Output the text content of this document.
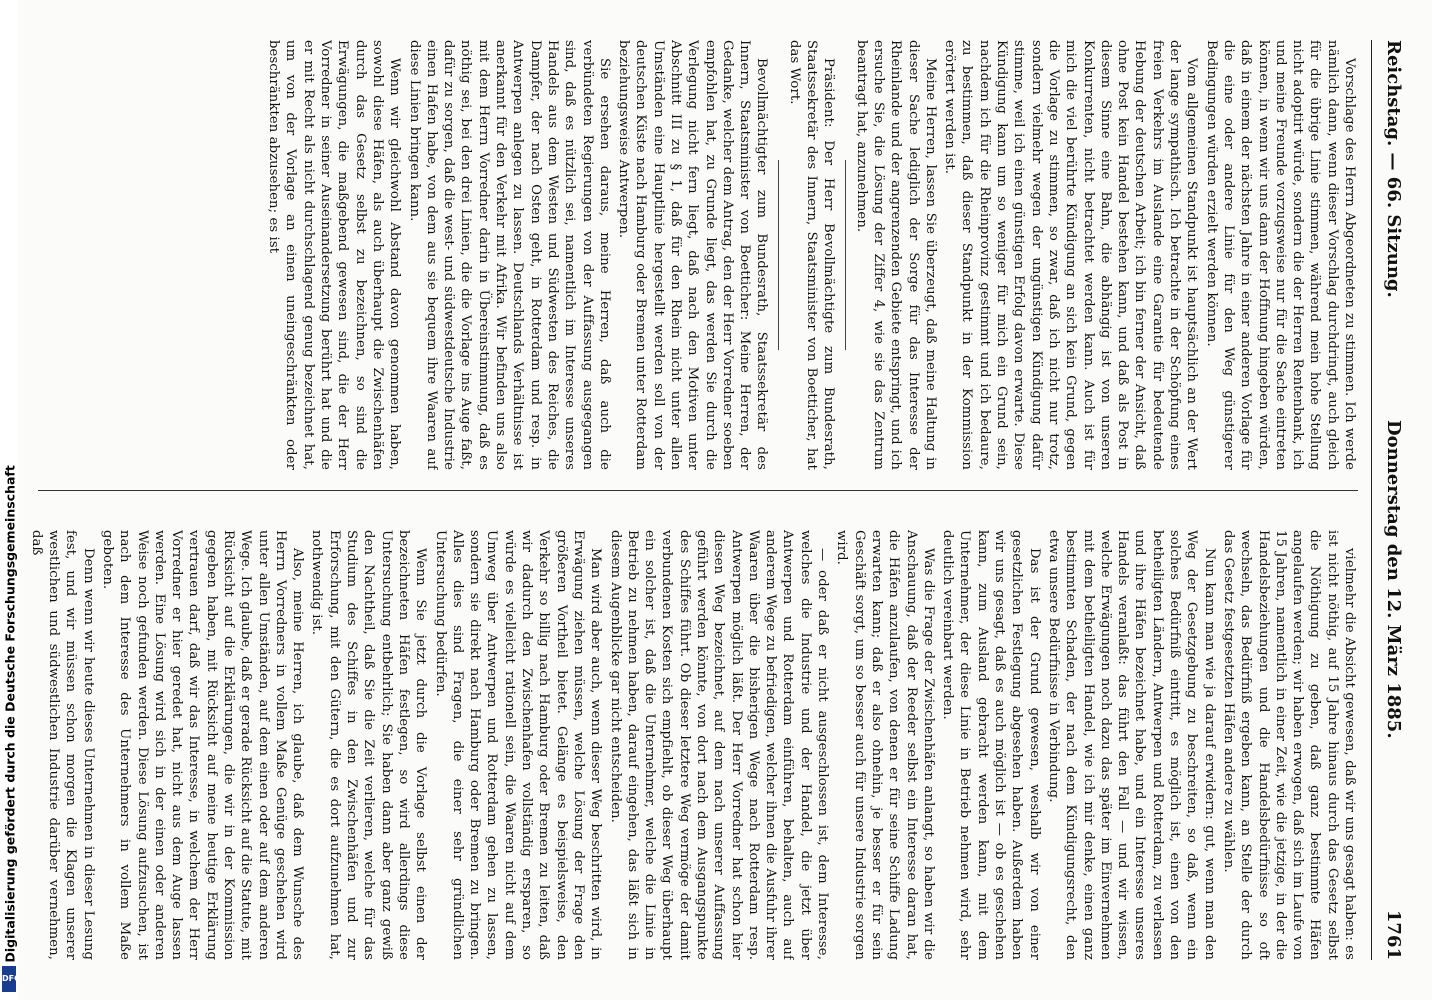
Reichstag. — 66. Sitzung.
Donnerstag den 12. März 1885.
1761

Vorschlage des Herrn Abgeordneten zu stimmen. Ich werde nämlich dann, wenn dieser Vorschlag durchdringt, auch gleich für die übrige Linie stimmen, während mein hohe Stellung nicht adoptirt würde, sondern die der Herren Rentenbank, ich und meine Freunde vorzugsweise nur für die Sache eintreten können, in wenn wir uns dann der Hoffnung hingeben würden, daß in einem der nächsten Jahre in einer anderen Vorlage für die eine oder andere Linie für den Weg günstigerer Bedingungen würden erzielt werden können.

Vom allgemeinen Standpunkt ist hauptsächlich an der Wert der lange sympathisch. Ich betrachte in der Schöpfung eines freien Verkehrs im Auslande eine Garantie für bedeutende Hebung der deutschen Arbeit; ich bin ferner der Ansicht, daß ohne Post kein Handel bestehen kann, und daß als Post in diesem Sinne eine Bahn, die abhängig ist von unseren Konkurrenten, nicht betrachtet werden kann. Auch ist für mich die viel berührte Kündigung an sich kein Grund, gegen die Vorlage zu stimmen, so zwar, daß ich nicht nur trotz, sondern vielmehr wegen der ungünstigen Kündigung dafür stimme, weil ich einen günstigen Erfolg davon erwarte. Diese Kündigung kann um so weniger für mich ein Grund sein, nachdem ich für die Rheinprovinz gestimmt und ich bedaure, zu bestimmen, daß dieser Standpunkt in der Kommission erörtert werden ist.

Meine Herren, lassen Sie überzeugt, daß meine Haltung in dieser Sache lediglich der Sorge für das Interesse der Rheinlande und der angrenzenden Gebiete entspringt, und ich ersuche Sie, die Lösung der Ziffer 4, wie sie das Zentrum beantragt hat, anzunehmen.

Präsident: Der Herr Bevollmächtigte zum Bundesrath, Staatssekretär des Innern, Staatsminister von Boetticher, hat das Wort.

Bevollmächtigter zum Bundesrath, Staatssekretär des Innern, Staatsminister von Boetticher: Meine Herren, der Gedanke, welcher dem Antrag, den der Herr Vorredner soeben empfohlen hat, zu Grunde liegt, das werden Sie durch die Verlegung nicht fern liegt, daß nach den Motiven unter Abschnitt III zu § 1, daß für den Rhein nicht unter allen Umständen eine Hauptlinie hergestellt werden soll von der deutschen Küste nach Hamburg oder Bremen unter Rotterdam beziehungsweise Antwerpen.

Sie ersehen daraus, meine Herren, daß auch die verbündeten Regierungen von der Auffassung ausgegangen sind, daß es nützlich sei, namentlich im Interesse unseres Handels aus dem Westen und Südwesten des Reiches, die Dampfer, der nach Osten geht, in Rotterdam und resp. in Antwerpen anlegen zu lassen. Deutschlands Verhältnisse ist anerkannt für den Verkehr mit Afrika. Wir befinden uns also mit dem Herrn Vorredner darin in Übereinstimmung, daß es nöthig sei, bei den drei Linien, die die Vorlage ins Auge faßt, dafür zu sorgen, daß die west- und südwestdeutsche Industrie einen Hafen habe, von dem aus sie bequem ihre Waaren auf diese Linien bringen kann.

Wenn wir gleichwohl Abstand davon genommen haben, sowohl diese Häfen, als auch überhaupt die Zwischenhäfen durch das Gesetz selbst zu bezeichnen, so sind die Erwägungen, die maßgebend gewesen sind, die der Herr Vorredner in seiner Auseinandersetzung berührt hat und die er mit Recht als nicht durchschlagend genug bezeichnet hat, um von der Vorlage an einen uneingeschränkten oder beschränkten abzusehen; es ist

vielmehr die Absicht gewesen, daß wir uns gesagt haben: es ist nicht nöthig, auf 15 Jahre hinaus durch das Gesetz selbst die Nöthigung zu geben, daß ganz bestimmte Häfen angelaufen werden; wir haben erwogen, daß sich im Laufe von 15 Jahren, namentlich in einer Zeit, wie die jetzige, in der die Handelsbeziehungen und die Handelsbedürfnisse so oft wechseln, das Bedürfniß ergeben kann, an Stelle der durch das Gesetz festgesetzten Häfen andere zu wählen.

Nun kann man wie ja darauf erwidern: gut, wenn man den Weg der Gesetzgebung zu beschreiten, so daß, wenn ein solches Bedürfniß eintritt, es möglich ist, einen von den betheiligten Ländern, Antwerpen und Rotterdam, zu verlassen und ihre Häfen bezeichnet habe, und ein Interesse unseres Handels veranlaßt: das führt den Fall — und wir wissen, welche Erwägungen noch dazu das später im Einvernehmen mit dem betheiligten Handel, wie ich mir denke, einen ganz bestimmten Schaden, der nach dem Kündigungsrecht, den etwa unsere Bedürfnisse in Verbindung.

Das ist der Grund gewesen, weshalb wir von einer gesetzlichen Festlegung abgesehen haben. Außerdem haben wir uns gesagt, daß es auch möglich ist — ob es geschehen kann, zum Ausland gebracht werden kann, mit dem Unternehmer, der diese Linie in Betrieb nehmen wird, sehr deutlich vereinbart werden.

Was die Frage der Zwischenhäfen anlangt, so haben wir die Anschauung, daß der Reeder selbst ein Interesse daran hat, die Häfen anzulaufen, von denen er für seine Schiffe Ladung erwarten kann; daß er also ohnehin, je besser er für sein Geschäft sorgt, um so besser auch für unsere Industrie sorgen wird.

— oder daß er nicht ausgeschlossen ist, dem Interesse, welches die Industrie und der Handel, die jetzt über Antwerpen und Rotterdam einführen, behalten, auch auf anderem Wege zu befriedigen, welcher ihnen die Ausfuhr ihrer Waaren über die bisherigen Wege nach Rotterdam resp. Antwerpen möglich läßt. Der Herr Vorredner hat schon hier diesen Weg bezeichnet, auf dem nach unserer Auffassung geführt werden könnte, von dort nach dem Ausgangspunkte des Schiffes führt. Ob dieser letztere Weg vermöge der damit verbundenen Kosten sich empfiehlt, ob dieser Weg überhaupt ein solcher ist, daß die Unternehmer, welche die Linie in Betrieb zu nehmen haben, darauf eingehen, das läßt sich in diesem Augenblicke gar nicht entscheiden.

Man wird aber auch, wenn dieser Weg beschritten wird, in Erwägung ziehen müssen, welche Lösung der Frage den größeren Vortheil bietet. Gelänge es beispielsweise, den Verkehr so billig nach Hamburg oder Bremen zu leiten, daß wir dadurch den Zwischenhafen vollständig ersparen, so würde es vielleicht rationell sein, die Waaren nicht auf dem Umweg über Antwerpen und Rotterdam gehen zu lassen, sondern sie direkt nach Hamburg oder Bremen zu bringen. Alles dies sind Fragen, die einer sehr gründlichen Untersuchung bedürfen.

Wenn Sie jetzt durch die Vorlage selbst einen der bezeichneten Häfen festlegen, so wird allerdings diese Untersuchung entbehrlich; Sie haben dann aber ganz gewiß den Nachtheil, daß Sie die Zeit verlieren, welche für das Studium des Schiffes in den Zwischenhäfen und zur Erforschung, mit den Gütern, die es dort aufzunehmen hat, nothwendig ist.

Also, meine Herren, ich glaube, daß dem Wunsche des Herrn Vorredners in vollem Maße Genüge geschehen wird unter allen Umständen, auf dem einen oder auf dem anderen Wege. Ich glaube, daß er gerade Rücksicht auf die Statute, mit Rücksicht auf die Erklärungen, die wir in der Kommission gegeben haben, mit Rücksicht auf meine heutige Erklärung vertrauen darf, daß wir das Interesse, in welchem der Herr Vorredner er hier geredet hat, nicht aus dem Auge lassen werden. Eine Lösung wird sich in der einen oder anderen Weise noch gefunden werden. Diese Lösung aufzusuchen, ist nach dem Interesse des Unternehmers in vollem Maße geboten.

Denn wenn wir heute dieses Unternehmen in dieser Lesung fest, und wir müssen schon morgen die Klagen unserer westlichen und südwestlichen Industrie darüber vernehmen, daß

Digitalisierung gefördert durch die Deutsche Forschungsgemeinschaft
DFG
